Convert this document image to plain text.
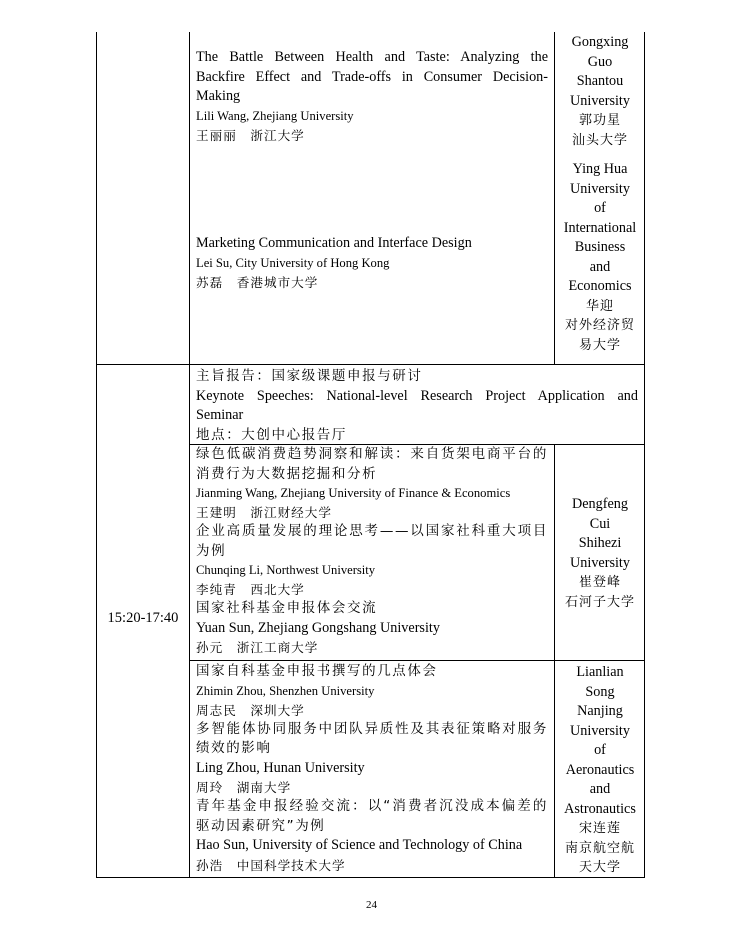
The Battle Between Health and Taste: Analyzing the
Backfire Effect and Trade-offs in Consumer Decision-
Making
Lili Wang, Zhejiang University
王丽丽　浙江大学
Marketing Communication and Interface Design
Lei Su, City University of Hong Kong
苏磊　香港城市大学
Gongxing
Guo
Shantou
University
郭功星
汕头大学
Ying Hua
University
of
International
Business
and
Economics
华迎
对外经济贸
易大学
15:20-17:40
主旨报告：国家级课题申报与研讨
Keynote Speeches: National-level Research Project Application and
Seminar
地点：大创中心报告厅
绿色低碳消费趋势洞察和解读：来自货架电商平台的
消费行为大数据挖掘和分析
Jianming Wang, Zhejiang University of Finance & Economics
王建明　浙江财经大学
企业高质量发展的理论思考——以国家社科重大项目
为例
Chunqing Li, Northwest University
李纯青　西北大学
国家社科基金申报体会交流
Yuan Sun, Zhejiang Gongshang University
孙元　浙江工商大学
Dengfeng
Cui
Shihezi
University
崔登峰
石河子大学
国家自科基金申报书撰写的几点体会
Zhimin Zhou, Shenzhen University
周志民　深圳大学
多智能体协同服务中团队异质性及其表征策略对服务
绩效的影响
Ling Zhou, Hunan University
周玲　湖南大学
青年基金申报经验交流：以“消费者沉没成本偏差的
驱动因素研究”为例
Hao Sun, University of Science and Technology of China
孙浩　中国科学技术大学
Lianlian
Song
Nanjing
University
of
Aeronautics
and
Astronautics
宋连莲
南京航空航
天大学
24
